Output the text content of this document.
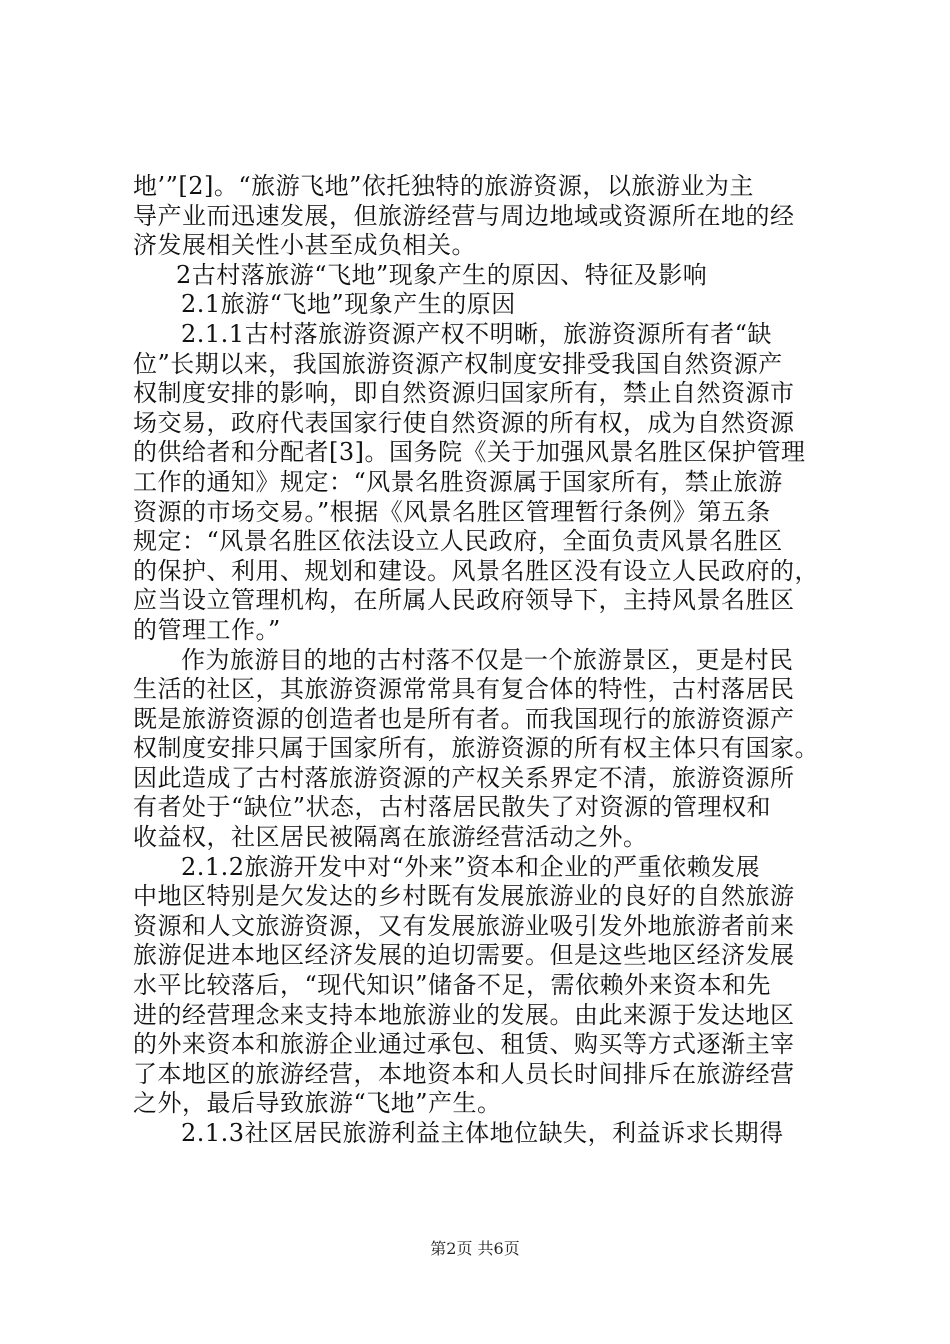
地’”[2]。“旅游飞地”依托独特的旅游资源，以旅游业为主
导产业而迅速发展，但旅游经营与周边地域或资源所在地的经
济发展相关性小甚至成负相关。
2古村落旅游“飞地”现象产生的原因、特征及影响
2.1旅游“飞地”现象产生的原因
2.1.1古村落旅游资源产权不明晰，旅游资源所有者“缺
位”长期以来，我国旅游资源产权制度安排受我国自然资源产
权制度安排的影响，即自然资源归国家所有，禁止自然资源市
场交易，政府代表国家行使自然资源的所有权，成为自然资源
的供给者和分配者[3]。国务院《关于加强风景名胜区保护管理
工作的通知》规定：“风景名胜资源属于国家所有，禁止旅游
资源的市场交易。”根据《风景名胜区管理暂行条例》第五条
规定：“风景名胜区依法设立人民政府，全面负责风景名胜区
的保护、利用、规划和建设。风景名胜区没有设立人民政府的，
应当设立管理机构，在所属人民政府领导下，主持风景名胜区
的管理工作。”
作为旅游目的地的古村落不仅是一个旅游景区，更是村民
生活的社区，其旅游资源常常具有复合体的特性，古村落居民
既是旅游资源的创造者也是所有者。而我国现行的旅游资源产
权制度安排只属于国家所有，旅游资源的所有权主体只有国家。
因此造成了古村落旅游资源的产权关系界定不清，旅游资源所
有者处于“缺位”状态，古村落居民散失了对资源的管理权和
收益权，社区居民被隔离在旅游经营活动之外。
2.1.2旅游开发中对“外来”资本和企业的严重依赖发展
中地区特别是欠发达的乡村既有发展旅游业的良好的自然旅游
资源和人文旅游资源，又有发展旅游业吸引发外地旅游者前来
旅游促进本地区经济发展的迫切需要。但是这些地区经济发展
水平比较落后，“现代知识”储备不足，需依赖外来资本和先
进的经营理念来支持本地旅游业的发展。由此来源于发达地区
的外来资本和旅游企业通过承包、租赁、购买等方式逐渐主宰
了本地区的旅游经营，本地资本和人员长时间排斥在旅游经营
之外，最后导致旅游“飞地”产生。
2.1.3社区居民旅游利益主体地位缺失，利益诉求长期得
第2页 共6页
